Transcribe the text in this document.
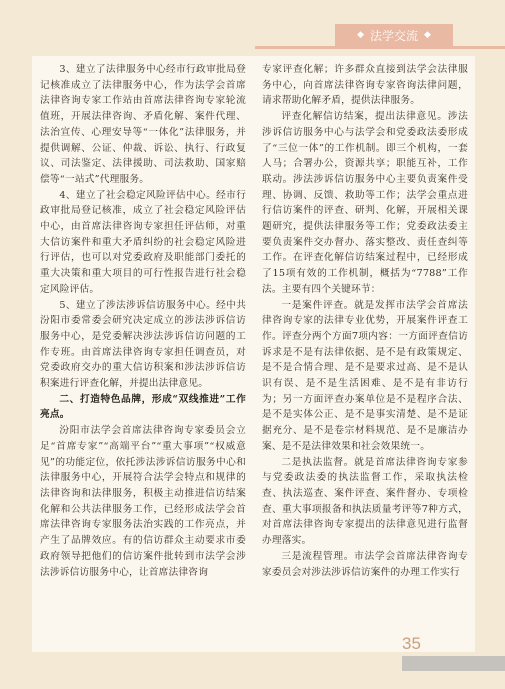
◆ 法学交流 ◆

3、建立了法律服务中心经市行政审批局登记核准成立了法律服务中心，作为法学会首席法律咨询专家工作站由首席法律咨询专家轮流值班，开展法律咨询、矛盾化解、案件代理、法治宣传、心理安导等“一体化”法律服务，并提供调解、公证、仲裁、诉讼、执行、行政复议、司法鉴定、法律援助、司法救助、国家赔偿等“一站式”代理服务。

4、建立了社会稳定风险评估中心。经市行政审批局登记核准，成立了社会稳定风险评估中心，由首席法律咨询专家担任评估师，对重大信访案件和重大矛盾纠纷的社会稳定风险进行评估，也可以对党委政府及职能部门委托的重大决策和重大项目的可行性报告进行社会稳定风险评估。

5、建立了涉法涉诉信访服务中心。经中共汾阳市委常委会研究决定成立的涉法涉诉信访服务中心，是党委解决涉法涉诉信访问题的工作专班。由首席法律咨询专家担任调查员，对党委政府交办的重大信访积案和涉法涉诉信访积案进行评查化解，并提出法律意见。

二、打造特色品牌，形成“双线推进”工作亮点。

汾阳市法学会首席法律咨询专家委员会立足“首席专家”“高端平台”“重大事项”“权威意见”的功能定位，依托涉法涉诉信访服务中心和法律服务中心，开展符合法学会特点和规律的法律咨询和法律服务，积极主动推进信访结案化解和公共法律服务工作，已经形成法学会首席法律咨询专家服务法治实践的工作亮点，并产生了品牌效应。有的信访群众主动要求市委政府领导把他们的信访案件批转到市法学会涉法涉诉信访服务中心，让首席法律咨询

专家评查化解；许多群众直接到法学会法律服务中心，向首席法律咨询专家咨询法律问题，请求帮助化解矛盾，提供法律服务。

评查化解信访结案，提出法律意见。涉法涉诉信访服务中心与法学会和党委政法委形成了“三位一体”的工作机制。即三个机构，一套人马；合署办公，资源共享；职能互补，工作联动。涉法涉诉信访服务中心主要负责案件受理、协调、反馈、救助等工作；法学会重点进行信访案件的评查、研判、化解，开展相关课题研究，提供法律服务等工作；党委政法委主要负责案件交办督办、落实整改、责任查纠等工作。在评查化解信访结案过程中，已经形成了15项有效的工作机制，概括为“7788”工作法。主要有四个关键环节：

一是案件评查。就是发挥市法学会首席法律咨询专家的法律专业优势，开展案件评查工作。评查分两个方面7项内容：一方面评查信访诉求是不是有法律依据、是不是有政策规定、是不是合情合理、是不是要求过高、是不是认识有误、是不是生活困难、是不是有非访行为；另一方面评查办案单位是不是程序合法、是不是实体公正、是不是事实清楚、是不是证据充分、是不是卷宗材料规范、是不是廉洁办案、是不是法律效果和社会效果统一。

二是执法监督。就是首席法律咨询专家参与党委政法委的执法监督工作，采取执法检查、执法巡查、案件评查、案件督办、专项检查、重大事项报备和执法质量考评等7种方式，对首席法律咨询专家提出的法律意见进行监督办理落实。

三是流程管理。市法学会首席法律咨询专家委员会对涉法涉诉信访案件的办理工作实行

35
